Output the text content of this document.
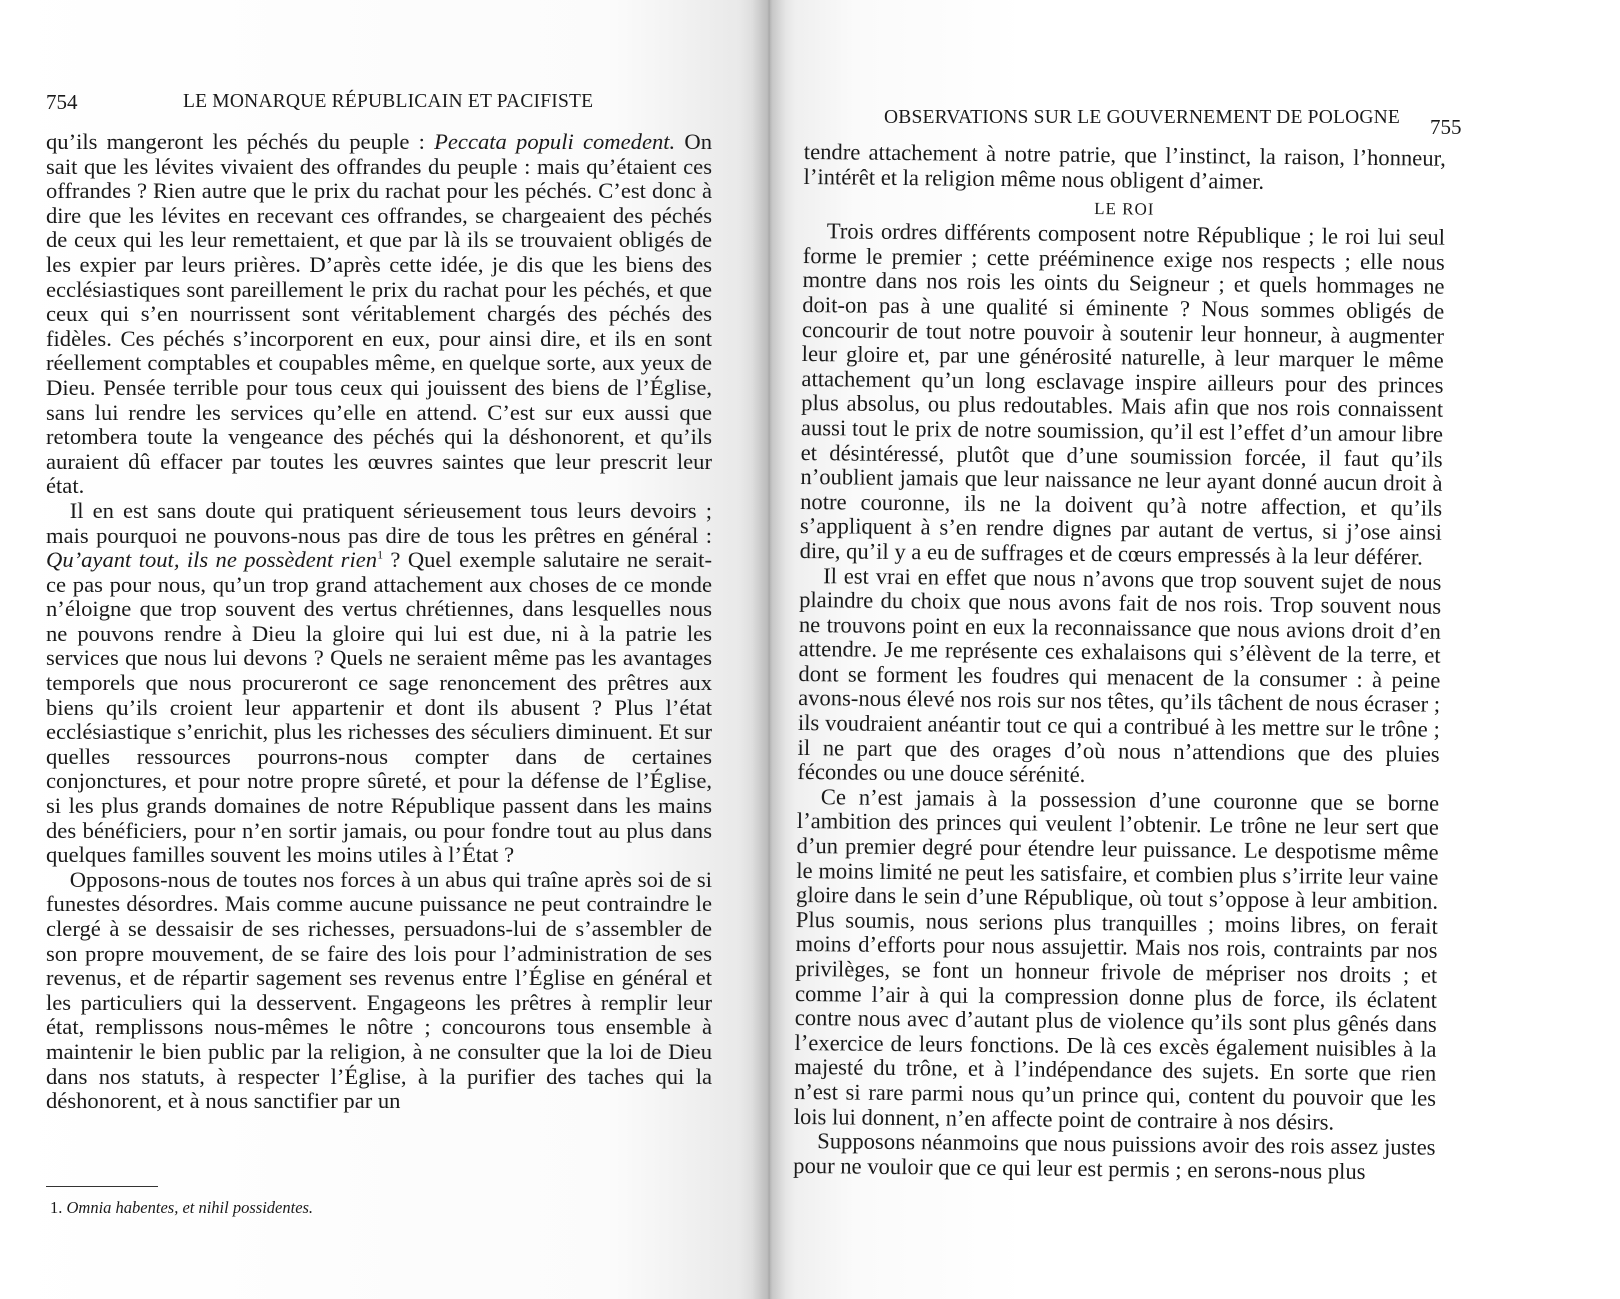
754	LE MONARQUE RÉPUBLICAIN ET PACIFISTE

qu’ils mangeront les péchés du peuple : Peccata populi comedent. On sait que les lévites vivaient des offrandes du peuple : mais qu’étaient ces offrandes ? Rien autre que le prix du rachat pour les péchés. C’est donc à dire que les lévites en recevant ces offrandes, se chargeaient des péchés de ceux qui les leur remettaient, et que par là ils se trouvaient obligés de les expier par leurs prières. D’après cette idée, je dis que les biens des ecclésiastiques sont pareillement le prix du rachat pour les péchés, et que ceux qui s’en nourrissent sont véritablement chargés des péchés des fidèles. Ces péchés s’incorporent en eux, pour ainsi dire, et ils en sont réellement comptables et coupables même, en quelque sorte, aux yeux de Dieu. Pensée terrible pour tous ceux qui jouissent des biens de l’Église, sans lui rendre les services qu’elle en attend. C’est sur eux aussi que retombera toute la vengeance des péchés qui la déshonorent, et qu’ils auraient dû effacer par toutes les œuvres saintes que leur prescrit leur état.

Il en est sans doute qui pratiquent sérieusement tous leurs devoirs ; mais pourquoi ne pouvons-nous pas dire de tous les prêtres en général : Qu’ayant tout, ils ne possèdent rien$^1$ ? Quel exemple salutaire ne serait-ce pas pour nous, qu’un trop grand attachement aux choses de ce monde n’éloigne que trop souvent des vertus chrétiennes, dans lesquelles nous ne pouvons rendre à Dieu la gloire qui lui est due, ni à la patrie les services que nous lui devons ? Quels ne seraient même pas les avantages temporels que nous procureront ce sage renoncement des prêtres aux biens qu’ils croient leur appartenir et dont ils abusent ? Plus l’état ecclésiastique s’enrichit, plus les richesses des séculiers diminuent. Et sur quelles ressources pourrons-nous compter dans de certaines conjonctures, et pour notre propre sûreté, et pour la défense de l’Église, si les plus grands domaines de notre République passent dans les mains des bénéficiers, pour n’en sortir jamais, ou pour fondre tout au plus dans quelques familles souvent les moins utiles à l’État ?

Opposons-nous de toutes nos forces à un abus qui traîne après soi de si funestes désordres. Mais comme aucune puissance ne peut contraindre le clergé à se dessaisir de ses richesses, persuadons-lui de s’assembler de son propre mouvement, de se faire des lois pour l’administration de ses revenus, et de répartir sagement ses revenus entre l’Église en général et les particuliers qui la desservent. Engageons les prêtres à remplir leur état, remplissons nous-mêmes le nôtre ; concourons tous ensemble à maintenir le bien public par la religion, à ne consulter que la loi de Dieu dans nos statuts, à respecter l’Église, à la purifier des taches qui la déshonorent, et à nous sanctifier par un

1. Omnia habentes, et nihil possidentes.
OBSERVATIONS SUR LE GOUVERNEMENT DE POLOGNE 755

tendre attachement à notre patrie, que l’instinct, la raison, l’honneur, l’intérêt et la religion même nous obligent d’aimer.

LE ROI

Trois ordres différents composent notre République ; le roi lui seul forme le premier ; cette prééminence exige nos respects ; elle nous montre dans nos rois les oints du Seigneur ; et quels hommages ne doit-on pas à une qualité si éminente ? Nous sommes obligés de concourir de tout notre pouvoir à soutenir leur honneur, à augmenter leur gloire et, par une générosité naturelle, à leur marquer le même attachement qu’un long esclavage inspire ailleurs pour des princes plus absolus, ou plus redoutables. Mais afin que nos rois connaissent aussi tout le prix de notre soumission, qu’il est l’effet d’un amour libre et désintéressé, plutôt que d’une soumission forcée, il faut qu’ils n’oublient jamais que leur naissance ne leur ayant donné aucun droit à notre couronne, ils ne la doivent qu’à notre affection, et qu’ils s’appliquent à s’en rendre dignes par autant de vertus, si j’ose ainsi dire, qu’il y a eu de suffrages et de cœurs empressés à la leur déférer.

Il est vrai en effet que nous n’avons que trop souvent sujet de nous plaindre du choix que nous avons fait de nos rois. Trop souvent nous ne trouvons point en eux la reconnaissance que nous avions droit d’en attendre. Je me représente ces exhalaisons qui s’élèvent de la terre, et dont se forment les foudres qui menacent de la consumer : à peine avons-nous élevé nos rois sur nos têtes, qu’ils tâchent de nous écraser ; ils voudraient anéantir tout ce qui a contribué à les mettre sur le trône ; il ne part que des orages d’où nous n’attendions que des pluies fécondes ou une douce sérénité.

Ce n’est jamais à la possession d’une couronne que se borne l’ambition des princes qui veulent l’obtenir. Le trône ne leur sert que d’un premier degré pour étendre leur puissance. Le despotisme même le moins limité ne peut les satisfaire, et combien plus s’irrite leur vaine gloire dans le sein d’une République, où tout s’oppose à leur ambition. Plus soumis, nous serions plus tranquilles ; moins libres, on ferait moins d’efforts pour nous assujettir. Mais nos rois, contraints par nos privilèges, se font un honneur frivole de mépriser nos droits ; et comme l’air à qui la compression donne plus de force, ils éclatent contre nous avec d’autant plus de violence qu’ils sont plus gênés dans l’exercice de leurs fonctions. De là ces excès également nuisibles à la majesté du trône, et à l’indépendance des sujets. En sorte que rien n’est si rare parmi nous qu’un prince qui, content du pouvoir que les lois lui donnent, n’en affecte point de contraire à nos désirs.

Supposons néanmoins que nous puissions avoir des rois assez justes pour ne vouloir que ce qui leur est permis ; en serons-nous plus
